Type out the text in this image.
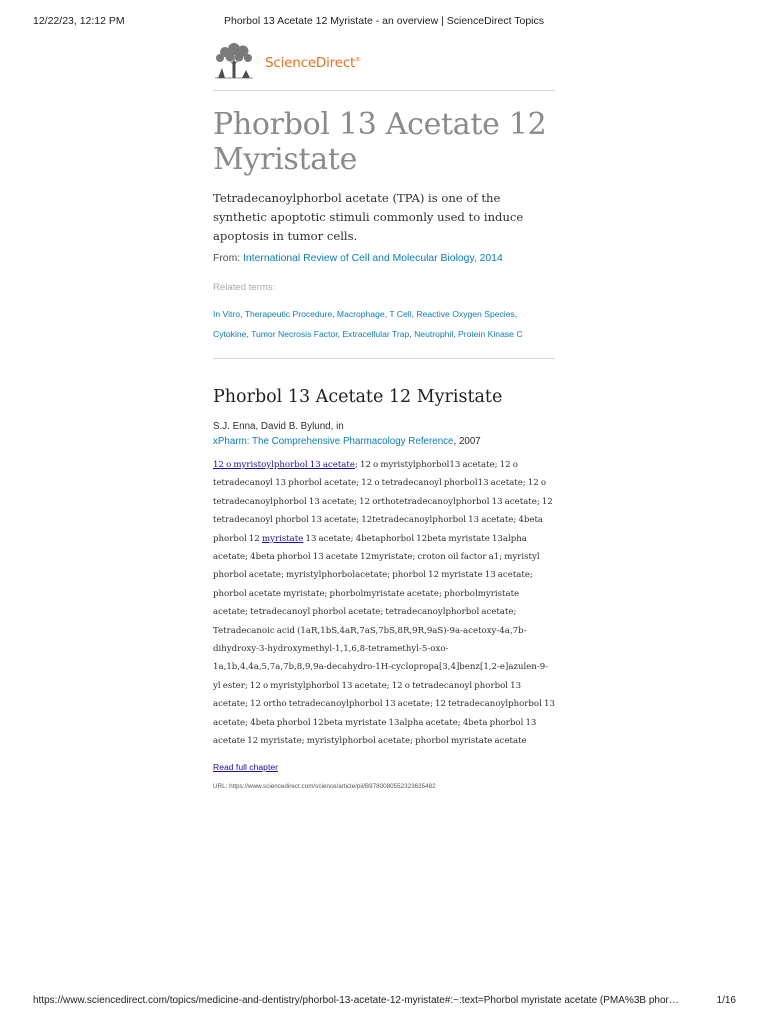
12/22/23, 12:12 PM	Phorbol 13 Acetate 12 Myristate - an overview | ScienceDirect Topics
ScienceDirect®
Phorbol 13 Acetate 12 Myristate

Tetradecanoylphorbol acetate (TPA) is one of the synthetic apoptotic stimuli commonly used to induce apoptosis in tumor cells.

From: International Review of Cell and Molecular Biology, 2014
Related terms:
In Vitro, Therapeutic Procedure, Macrophage, T Cell, Reactive Oxygen Species,
Cytokine, Tumor Necrosis Factor, Extracellular Trap, Neutrophil, Protein Kinase C
Phorbol 13 Acetate 12 Myristate
S.J. Enna, David B. Bylund, in
xPharm: The Comprehensive Pharmacology Reference, 2007
12 o myristoylphorbol 13 acetate; 12 o myristylphorbol13 acetate; 12 o tetradecanoyl 13 phorbol acetate; 12 o tetradecanoyl phorbol13 acetate; 12 o tetradecanoylphorbol 13 acetate; 12 orthotetradecanoylphorbol 13 acetate; 12 tetradecanoyl phorbol 13 acetate; 12tetradecanoylphorbol 13 acetate; 4beta phorbol 12 myristate 13 acetate; 4betaphorbol 12beta myristate 13alpha acetate; 4beta phorbol 13 acetate 12myristate; croton oil factor a1; myristyl phorbol acetate; myristylphorbolacetate; phorbol 12 myristate 13 acetate; phorbol acetate myristate; phorbolmyristate acetate; phorbolmyristate acetate; tetradecanoyl phorbol acetate; tetradecanoylphorbol acetate; Tetradecanoic acid (1aR,1bS,4aR,7aS,7bS,8R,9R,9aS)-9a-acetoxy-4a,7b-dihydroxy-3-hydroxymethyl-1,1,6,8-tetramethyl-5-oxo-1a,1b,4,4a,5,7a,7b,8,9,9a-decahydro-1H-cyclopropa[3,4]benz[1,2-e]azulen-9-yl ester; 12 o myristylphorbol 13 acetate; 12 o tetradecanoyl phorbol 13 acetate; 12 ortho tetradecanoylphorbol 13 acetate; 12 tetradecanoylphorbol 13 acetate; 4beta phorbol 12beta myristate 13alpha acetate; 4beta phorbol 13 acetate 12 myristate; myristylphorbol acetate; phorbol myristate acetate
Read full chapter
URL: https://www.sciencedirect.com/science/article/pii/B9780080552323635482
https://www.sciencedirect.com/topics/medicine-and-dentistry/phorbol-13-acetate-12-myristate#:~:text=Phorbol myristate acetate (PMA%3B phor…	1/16
